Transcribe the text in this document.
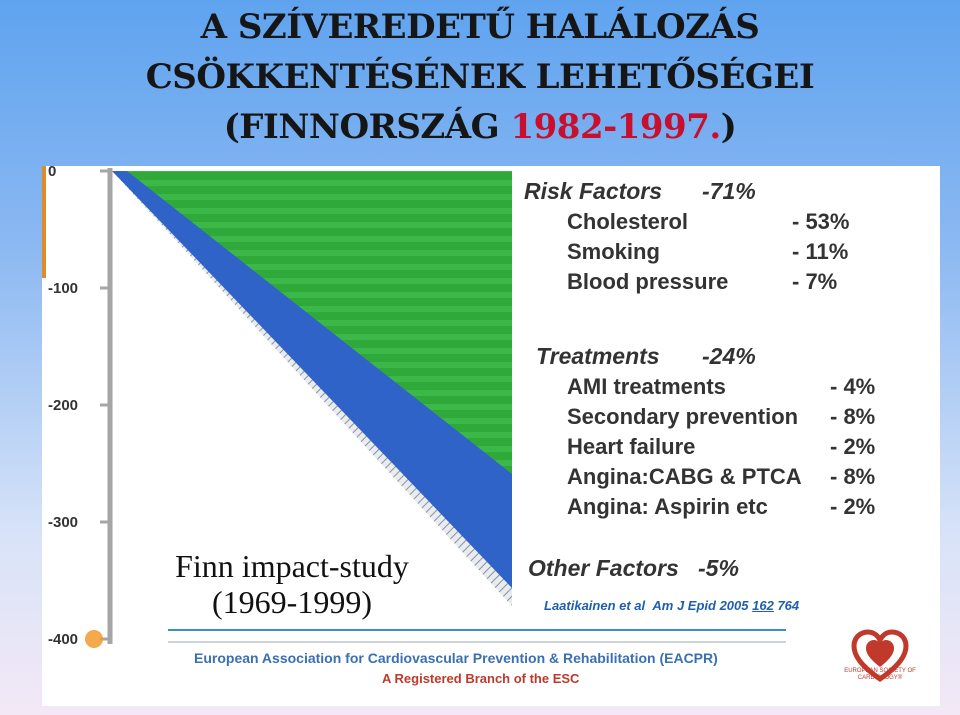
A SZÍVEREDETŰ HALÁLOZÁS
CSÖKKENTÉSÉNEK LEHETŐSÉGEI
(FINNORSZÁG 1982-1997.)
0
-100
-200
-300
-400
Risk Factors -71%
Cholesterol	- 53%
Smoking	- 11%
Blood pressure	- 7%
Treatments -24%
AMI treatments	- 4%
Secondary prevention - 8%
Heart failure	- 2%
Angina:CABG & PTCA - 8%
Angina: Aspirin etc	- 2%
Other Factors -5%
Laatikainen et al Am J Epid 2005 162 764
Finn impact-study
(1969-1999)
European Association for Cardiovascular Prevention & Rehabilitation (EACPR)
A Registered Branch of the ESC	EUROPEAN SOCIETY OF CARDIOLOGY®
